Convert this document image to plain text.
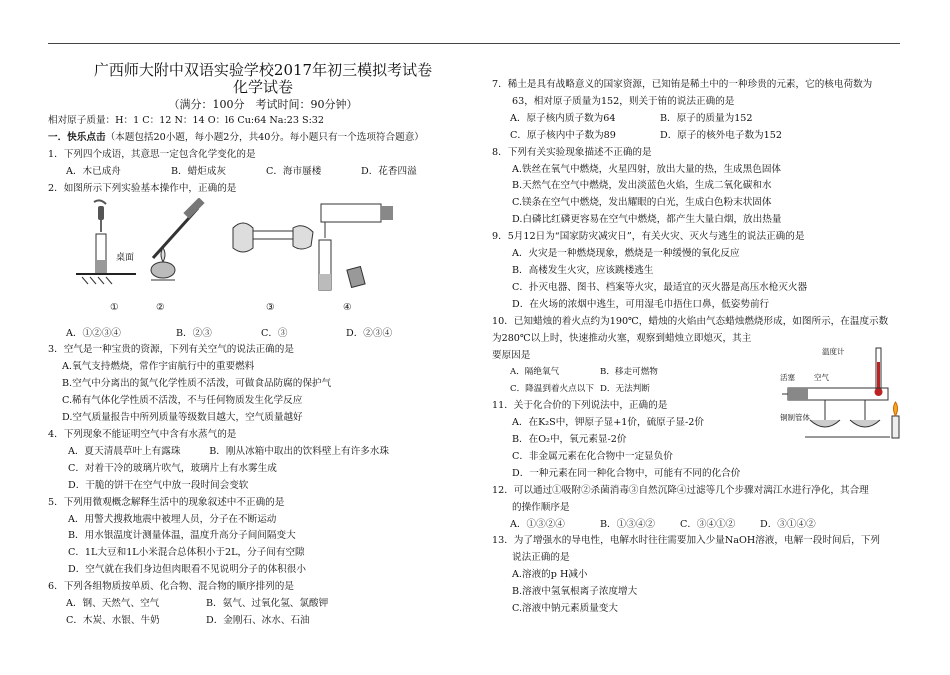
广西师大附中双语实验学校2017年初三模拟考试卷
化学试卷
（满分：100分　考试时间：90分钟）
相对原子质量：H：1 C：12 N：14 O：l6 Cu:64 Na:23 S:32
一．快乐点击（本题包括20小题，每小题2分，共40分。每小题只有一个选项符合题意）
1．下列四个成语，其意思一定包含化学变化的是
A．木已成舟	B．蜡炬成灰	C．海市蜃楼	D．花香四溢
2．如图所示下列实验基本操作中，正确的是
桌面
①	②	③	④
A．①②③④	B．②③	C．③	D．②③④
3．空气是一种宝贵的资源，下列有关空气的说法正确的是
A.氧气支持燃烧，常作宇宙航行中的重要燃料
B.空气中分离出的氮气化学性质不活泼，可做食品防腐的保护气
C.稀有气体化学性质不活泼，不与任何物质发生化学反应
D.空气质量报告中所列质量等级数目越大，空气质量越好
4．下列现象不能证明空气中含有水蒸气的是
A．夏天清晨草叶上有露珠　　　B．刚从冰箱中取出的饮料壁上有许多水珠
C．对着干冷的玻璃片吹气，玻璃片上有水雾生成
D．干脆的饼干在空气中放一段时间会变软
5．下列用微观概念解释生活中的现象叙述中不正确的是
A．用警犬搜救地震中被埋人员，分子在不断运动
B．用水银温度计测量体温，温度升高分子间间隔变大
C．1L大豆和1L小米混合总体积小于2L，分子间有空隙
D．空气就在我们身边但肉眼看不见说明分子的体积很小
6．下列各组物质按单质、化合物、混合物的顺序排列的是
A．钢、天然气、空气	B．氨气、过氧化氢、氯酸钾
C．木炭、水银、牛奶	D．金刚石、冰水、石油
7．稀土是具有战略意义的国家资源，已知铕是稀土中的一种珍贵的元素，它的核电荷数为
63，相对原子质量为152，则关于铕的说法正确的是
A．原子核内质子数为64	B．原子的质量为152
C．原子核内中子数为89	D．原子的核外电子数为152
8．下列有关实验现象描述不正确的是
A.铁丝在氧气中燃烧，火星四射，放出大量的热，生成黑色固体
B.天然气在空气中燃烧，发出淡蓝色火焰，生成二氧化碳和水
C.镁条在空气中燃烧，发出耀眼的白光，生成白色粉末状固体
D.白磷比红磷更容易在空气中燃烧，都产生大量白烟，放出热量
9．5月12日为“国家防灾减灾日”，有关火灾、灭火与逃生的说法正确的是
A．火灾是一种燃烧现象，燃烧是一种缓慢的氧化反应
B．高楼发生火灾，应该跳楼逃生
C．扑灭电器、图书、档案等火灾，最适宜的灭火器是高压水枪灭火器
D．在火场的浓烟中逃生，可用湿毛巾捂住口鼻，低姿势前行
10．已知蜡烛的着火点约为190℃，蜡烛的火焰由气态蜡烛燃烧形成，如图所示，在温度示数
为280℃以上时，快速推动火塞，观察到蜡烛立即熄灭，其主
要原因是
A．隔绝氧气	B．移走可燃物
C．降温到着火点以下 D．无法判断
11．关于化合价的下列说法中，正确的是
A．在K₂S中，钾原子显+1价，硫原子显-2价
B．在O₂中，氧元素显-2价
C．非金属元素在化合物中一定显负价
D．一种元素在同一种化合物中，可能有不同的化合价
12．可以通过①吸附②杀菌消毒③自然沉降④过滤等几个步骤对漓江水进行净化，其合理
的操作顺序是
A．①③②④	B．①③④②	C．③④①②	D．③①④②
13．为了增强水的导电性，电解水时往往需要加入少量NaOH溶液，电解一段时间后，下列
说法正确的是
A.溶液的p H减小
B.溶液中氢氧根离子浓度增大
C.溶液中钠元素质量变大
温度计
活塞	空气
铜制管体
